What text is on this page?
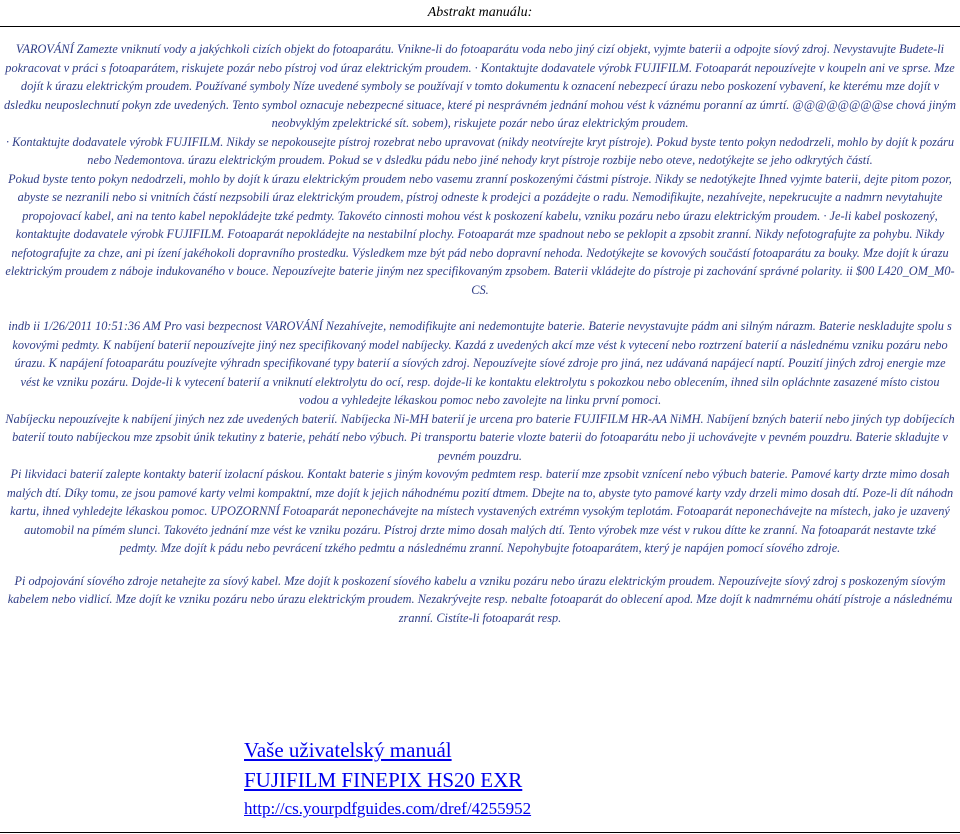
Abstrakt manuálu:

VAROVÁNÍ Zamezte vniknutí vody a jakýchkoli cizích objekt do fotoaparátu. Vnikne-li do fotoaparátu voda nebo jiný cizí objekt, vyjmte baterii a odpojte síový zdroj. Nevystavujte Budete-li pokracovat v práci s fotoaparátem, riskujete pozár nebo pístroj vod úraz elektrickým proudem. · Kontaktujte dodavatele výrobk FUJIFILM. Fotoaparát nepouzívejte v koupeln ani ve sprse. Mze dojít k úrazu elektrickým proudem. Používané symboly Níze uvedené symboly se používají v tomto dokumentu k oznacení nebezpecí úrazu nebo poskození vybavení, ke kterému mze dojít v dsledku neuposlechnutí pokyn zde uvedených. Tento symbol oznacuje nebezpecné situace, které pi nesprávném jednání mohou vést k váznému poranní az úmrtí. @@@@@@@@se chová jiným neobvyklým zpelektrické sít. sobem), riskujete pozár nebo úraz elektrickým proudem.

· Kontaktujte dodavatele výrobk FUJIFILM. Nikdy se nepokousejte pístroj rozebrat nebo upravovat (nikdy neotvírejte kryt pístroje). Pokud byste tento pokyn nedodrzeli, mohlo by dojít k pozáru nebo Nedemontova. úrazu elektrickým proudem. Pokud se v dsledku pádu nebo jiné nehody kryt pístroje rozbije nebo oteve, nedotýkejte se jeho odkrytých částí.

Pokud byste tento pokyn nedodrzeli, mohlo by dojít k úrazu elektrickým proudem nebo vasemu zranní poskozenými částmi pístroje. Nikdy se nedotýkejte Ihned vyjmte baterii, dejte pitom pozor, abyste se nezranili nebo si vnitních částí nezpsobili úraz elektrickým proudem, pístroj odneste k prodejci a pozádejte o radu. Nemodifikujte, nezahívejte, nepekrucujte a nadmrn nevytahujte propojovací kabel, ani na tento kabel nepokládejte tzké pedmty. Takovéto cinnosti mohou vést k poskození kabelu, vzniku pozáru nebo úrazu elektrickým proudem. · Je-li kabel poskozený, kontaktujte dodavatele výrobk FUJIFILM. Fotoaparát nepokládejte na nestabilní plochy. Fotoaparát mze spadnout nebo se peklopit a zpsobit zranní. Nikdy nefotografujte za pohybu. Nikdy nefotografujte za chze, ani pi ízení jakéhokoli dopravního prostedku. Výsledkem mze být pád nebo dopravní nehoda. Nedotýkejte se kovových součástí fotoaparátu za bouky. Mze dojít k úrazu elektrickým proudem z náboje indukovaného v bouce. Nepouzívejte baterie jiným nez specifikovaným zpsobem. Baterii vkládejte do pístroje pi zachování správné polarity. ii $00 L420_OM_M0-CS.

indb ii 1/26/2011 10:51:36 AM Pro vasi bezpecnost VAROVÁNÍ Nezahívejte, nemodifikujte ani nedemontujte baterie. Baterie nevystavujte pádm ani silným nárazm. Baterie neskladujte spolu s kovovými pedmty. K nabíjení baterií nepouzívejte jiný nez specifikovaný model nabíjecky. Kazdá z uvedených akcí mze vést k vytecení nebo roztrzení baterií a následnému vzniku pozáru nebo úrazu. K napájení fotoaparátu pouzívejte výhradn specifikované typy baterií a síových zdroj. Nepouzívejte síové zdroje pro jiná, nez udávaná napájecí naptí. Pouzití jiných zdroj energie mze vést ke vzniku pozáru. Dojde-li k vytecení baterií a vniknutí elektrolytu do ocí, resp. dojde-li ke kontaktu elektrolytu s pokozkou nebo oblecením, ihned siln opláchnte zasazené místo cistou vodou a vyhledejte lékaskou pomoc nebo zavolejte na linku první pomoci.

Nabíjecku nepouzívejte k nabíjení jiných nez zde uvedených baterií. Nabíjecka Ni-MH baterií je urcena pro baterie FUJIFILM HR-AA NiMH. Nabíjení bzných baterií nebo jiných typ dobíjecích baterií touto nabíjeckou mze zpsobit únik tekutiny z baterie, pehátí nebo výbuch. Pi transportu baterie vlozte baterii do fotoaparátu nebo ji uchovávejte v pevném pouzdru. Baterie skladujte v pevném pouzdru.

Pi likvidaci baterií zalepte kontakty baterií izolacní páskou. Kontakt baterie s jiným kovovým pedmtem resp. baterií mze zpsobit vznícení nebo výbuch baterie. Pamové karty drzte mimo dosah malých dtí. Díky tomu, ze jsou pamové karty velmi kompaktní, mze dojít k jejich náhodnému pozití dtmem. Dbejte na to, abyste tyto pamové karty vzdy drzeli mimo dosah dtí. Poze-li dít náhodn kartu, ihned vyhledejte lékaskou pomoc. UPOZORNNÍ Fotoaparát neponechávejte na místech vystavených extrémn vysokým teplotám. Fotoaparát neponechávejte na místech, jako je uzavený automobil na pímém slunci. Takovéto jednání mze vést ke vzniku pozáru. Pístroj drzte mimo dosah malých dtí. Tento výrobek mze vést v rukou dítte ke zranní. Na fotoaparát nestavte tzké pedmty. Mze dojít k pádu nebo pevrácení tzkého pedmtu a následnému zranní. Nepohybujte fotoaparátem, který je napájen pomocí síového zdroje.

Pi odpojování síového zdroje netahejte za síový kabel. Mze dojít k poskození síového kabelu a vzniku pozáru nebo úrazu elektrickým proudem. Nepouzívejte síový zdroj s poskozeným síovým kabelem nebo vidlicí. Mze dojít ke vzniku pozáru nebo úrazu elektrickým proudem. Nezakrývejte resp. nebalte fotoaparát do oblecení apod. Mze dojít k nadmrnému ohátí pístroje a následnému zranní. Cistíte-li fotoaparát resp.

Vaše uživatelský manuál
FUJIFILM FINEPIX HS20 EXR
http://cs.yourpdfguides.com/dref/4255952
